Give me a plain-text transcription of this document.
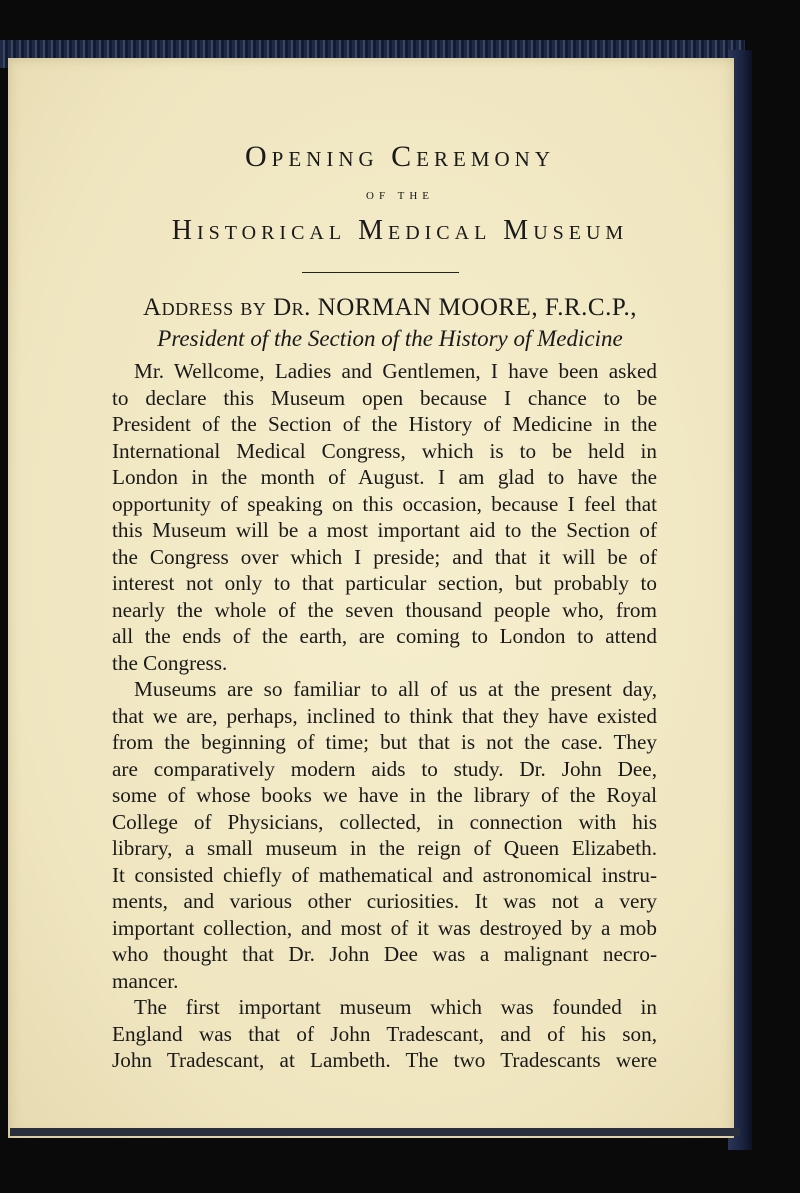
Opening Ceremony
OF THE
Historical Medical Museum
Address by Dr. NORMAN MOORE, F.R.C.P.,
President of the Section of the History of Medicine
Mr. Wellcome, Ladies and Gentlemen, I have been asked
to declare this Museum open because I chance to be
President of the Section of the History of Medicine in the
International Medical Congress, which is to be held in
London in the month of August. I am glad to have the
opportunity of speaking on this occasion, because I feel that
this Museum will be a most important aid to the Section of
the Congress over which I preside; and that it will be of
interest not only to that particular section, but probably to
nearly the whole of the seven thousand people who, from
all the ends of the earth, are coming to London to attend
the Congress.
Museums are so familiar to all of us at the present day,
that we are, perhaps, inclined to think that they have existed
from the beginning of time; but that is not the case. They
are comparatively modern aids to study. Dr. John Dee,
some of whose books we have in the library of the Royal
College of Physicians, collected, in connection with his
library, a small museum in the reign of Queen Elizabeth.
It consisted chiefly of mathematical and astronomical instru-
ments, and various other curiosities. It was not a very
important collection, and most of it was destroyed by a mob
who thought that Dr. John Dee was a malignant necro-
mancer.
The first important museum which was founded in
England was that of John Tradescant, and of his son,
John Tradescant, at Lambeth. The two Tradescants were
